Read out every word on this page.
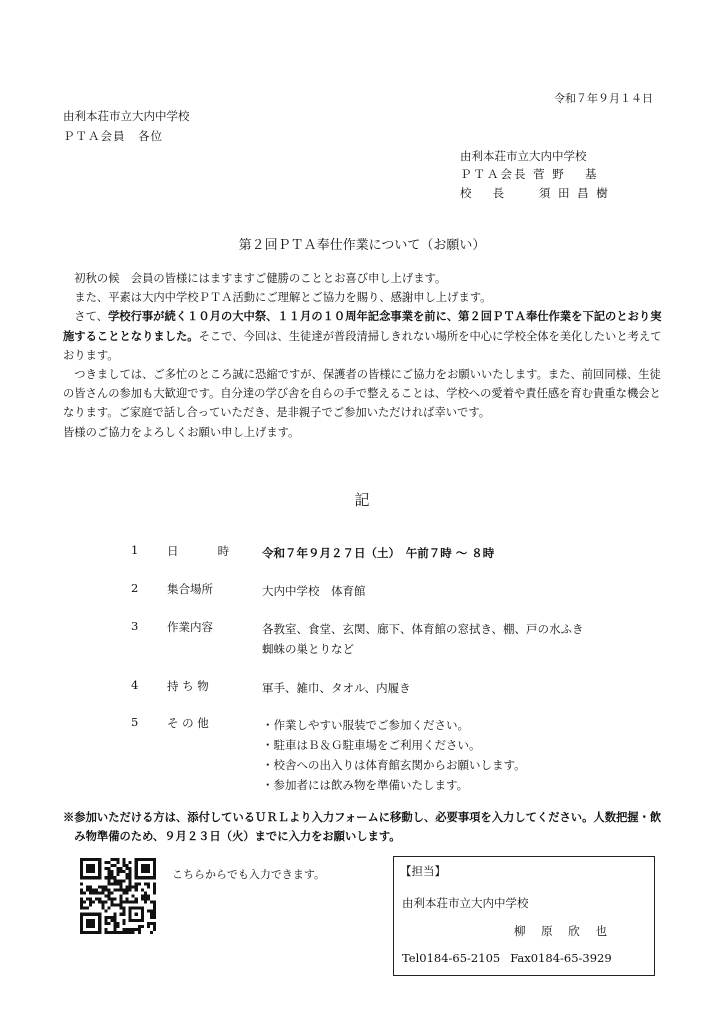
令和７年９月１４日
由利本荘市立大内中学校
ＰＴＡ会員　各位
由利本荘市立大内中学校
ＰＴＡ会長 菅 野　 基
校　 長　　 須 田 昌 樹
第２回ＰＴＡ奉仕作業について（お願い）

初秋の候　会員の皆様にはますますご健勝のこととお喜び申し上げます。

また、平素は大内中学校ＰＴＡ活動にご理解とご協力を賜り、感謝申し上げます。

さて、学校行事が続く１０月の大中祭、１１月の１０周年記念事業を前に、第２回ＰＴＡ奉仕作業を下記のとおり実施することとなりました。そこで、今回は、生徒達が普段清掃しきれない場所を中心に学校全体を美化したいと考えております。

つきましては、ご多忙のところ誠に恐縮ですが、保護者の皆様にご協力をお願いいたします。また、前回同様、生徒の皆さんの参加も大歓迎です。自分達の学び舎を自らの手で整えることは、学校への愛着や責任感を育む貴重な機会となります。ご家庭で話し合っていただき、是非親子でご参加いただければ幸いです。

皆様のご協力をよろしくお願い申し上げます。

記
1 日　 時 令和７年９月２７日（土）　午前７時 ～ ８時
2 集合場所	大内中学校　体育館
3 作業内容	各教室、食堂、玄関、廊下、体育館の窓拭き、棚、戸の水ふき
蜘蛛の巣とりなど
4 持 ち 物	軍手、雑巾、タオル、内履き
5 そ の 他	・作業しやすい服装でご参加ください。
・駐車はＢ＆Ｇ駐車場をご利用ください。
・校舎への出入りは体育館玄関からお願いします。
・参加者には飲み物を準備いたします。

※参加いただける方は、添付しているＵＲＬより入力フォームに移動し、必要事項を入力してください。人数把握・飲み物準備のため、９月２３日（火）までに入力をお願いします。

こちらからでも入力できます。	【担当】
由利本荘市立大内中学校
柳 原 欣 也
Tel0184-65-2105 Fax0184-65-3929
